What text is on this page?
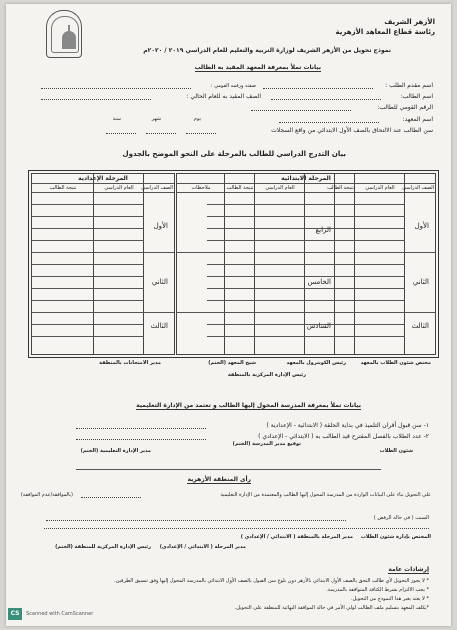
الأزهر الشريف
رئاسة قطاع المعاهد الأزهرية
نموذج تحويل من الأزهر الشريف لوزارة التربية والتعليم للعام الدراسي ٢٠١٩ / ٢٠٢٠م
بيانات تملأ بمعرفة المعهد المقيد به الطالب
اسم مقدم الطلب :
صفته ورقمه القومي :
اسم الطالب:
الصف المقيد به للعام الحالي :
الرقم القومي للطالب:
اسم المعهد:
يوم
شهر
سنة
سن الطالب عند الالتحاق بالصف الأول الابتدائي من واقع السجلات
بيان التدرج الدراسي للطالب بالمرحلة على النحو الموضح بالجدول
المرحلة الابتدائية
الصف الدراسي
العام الدراسي
نتيجة الطالب
العام الدراسي
نتيجة الطالب
ملاحظات
الأول
الثاني
الثالث
الرابع
الخامس
السادس
المرحلة الإعدادية
الصف الدراسي
العام الدراسي
نتيجة الطالب
الأول
الثاني
الثالث
مختص شئون الطلاب بالمعهد
رئيس الكونترول بالمعهد
شيخ المعهد (الختم)
مدير الامتحانات بالمنطقة
رئيس الإدارة المركزية بالمنطقة
بيانات تملأ بمعرفة المدرسة المحول إليها الطالب و تعتمد من الإدارة التعليمية
١- سن قبول أقران التلميذ في بداية الحلقة ( الابتدائية - الإعدادية )
٢- عدد الطلاب بالفصل المقترح قيد الطالب به ( الابتدائي - الإعدادي )
شئون الطلاب
توقيع مدير المدرسة (الختم)
مدير الإدارة التعليمية (الختم)
رأى المنطقة الأزهرية
(بالموافقة/عدم الموافقة)	على التحويل بناء على البيانات الواردة من المدرسة المحول إليها الطالب والمعتمدة من الإدارة التعليمية
السبب ( في حالة الرفض )
المختص بإدارة شئون الطلاب
مدير المرحلة بالمنطقة ( الابتدائي / الإعدادي )
مدير المرحلة ( الابتدائي / الإعدادي)
رئيس الإدارة المركزية للمنطقة (الختم)
إرشادات عامة
* لا يجوز التحويل لأي طالب التحق بالصف الأول الابتدائي بالأزهر دون بلوغ سن القبول بالصف الأول الابتدائي بالمدرسة المحول إليها وفق تنسيق الطرفين.
* يجب الالتزام بشرط الكثافة المتوافقة بالمدرسة.
* لا يعتد بغير هذا النموذج من التحويل.
*يكلف المعهد بتسليم ملف الطالب لولي الأمر في حالة الموافقة النهائية للمنطقة على التحويل.
CS	Scanned with CamScanner
